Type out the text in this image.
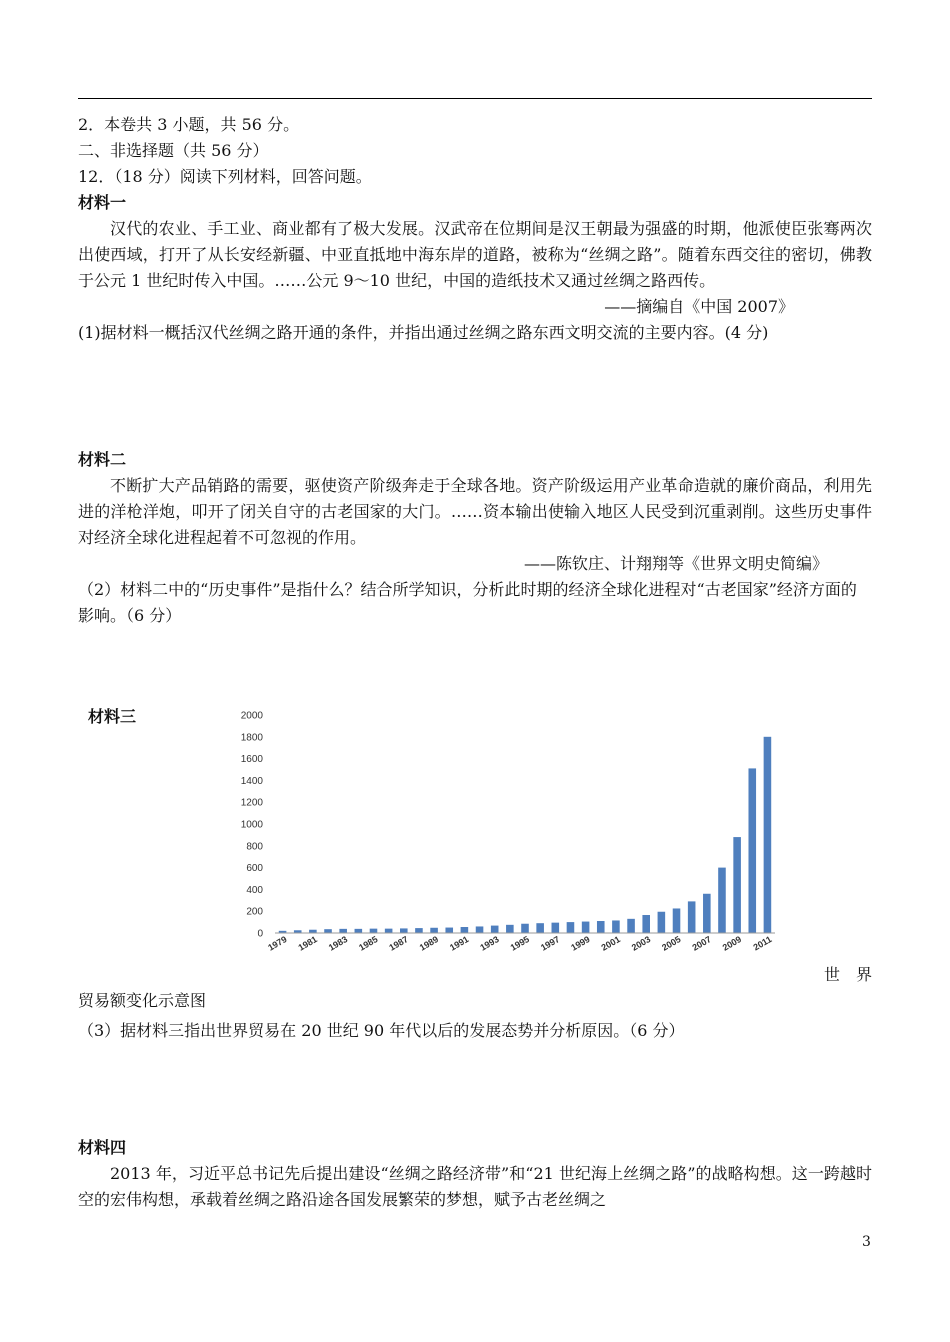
2．本卷共 3 小题，共 56 分。
二、非选择题（共 56 分）
12．（18 分）阅读下列材料，回答问题。
材料一
汉代的农业、手工业、商业都有了极大发展。汉武帝在位期间是汉王朝最为强盛的时期，他派使臣张骞两次出使西域，打开了从长安经新疆、中亚直抵地中海东岸的道路，被称为“丝绸之路”。随着东西交往的密切，佛教于公元 1 世纪时传入中国。……公元 9～10 世纪，中国的造纸技术又通过丝绸之路西传。
——摘编自《中国 2007》
(1)据材料一概括汉代丝绸之路开通的条件，并指出通过丝绸之路东西文明交流的主要内容。(4 分)
材料二
不断扩大产品销路的需要，驱使资产阶级奔走于全球各地。资产阶级运用产业革命造就的廉价商品，利用先进的洋枪洋炮，叩开了闭关自守的古老国家的大门。……资本输出使输入地区人民受到沉重剥削。这些历史事件对经济全球化进程起着不可忽视的作用。
——陈钦庄、计翔翔等《世界文明史简编》
（2）材料二中的“历史事件”是指什么？结合所学知识，分析此时期的经济全球化进程对“古老国家”经济方面的影响。（6 分）
材料三
0
200
400
600
800
1000
1200
1400
1600
1800
2000
1979 1981 1983 1985 1987 1989 1991 1993 1995 1997 1999 2001 2003 2005 2007 2009 2011
世　界
贸易额变化示意图
（3）据材料三指出世界贸易在 20 世纪 90 年代以后的发展态势并分析原因。（6 分）
材料四
2013 年，习近平总书记先后提出建设“丝绸之路经济带”和“21 世纪海上丝绸之路”的战略构想。这一跨越时空的宏伟构想，承载着丝绸之路沿途各国发展繁荣的梦想，赋予古老丝绸之
3
